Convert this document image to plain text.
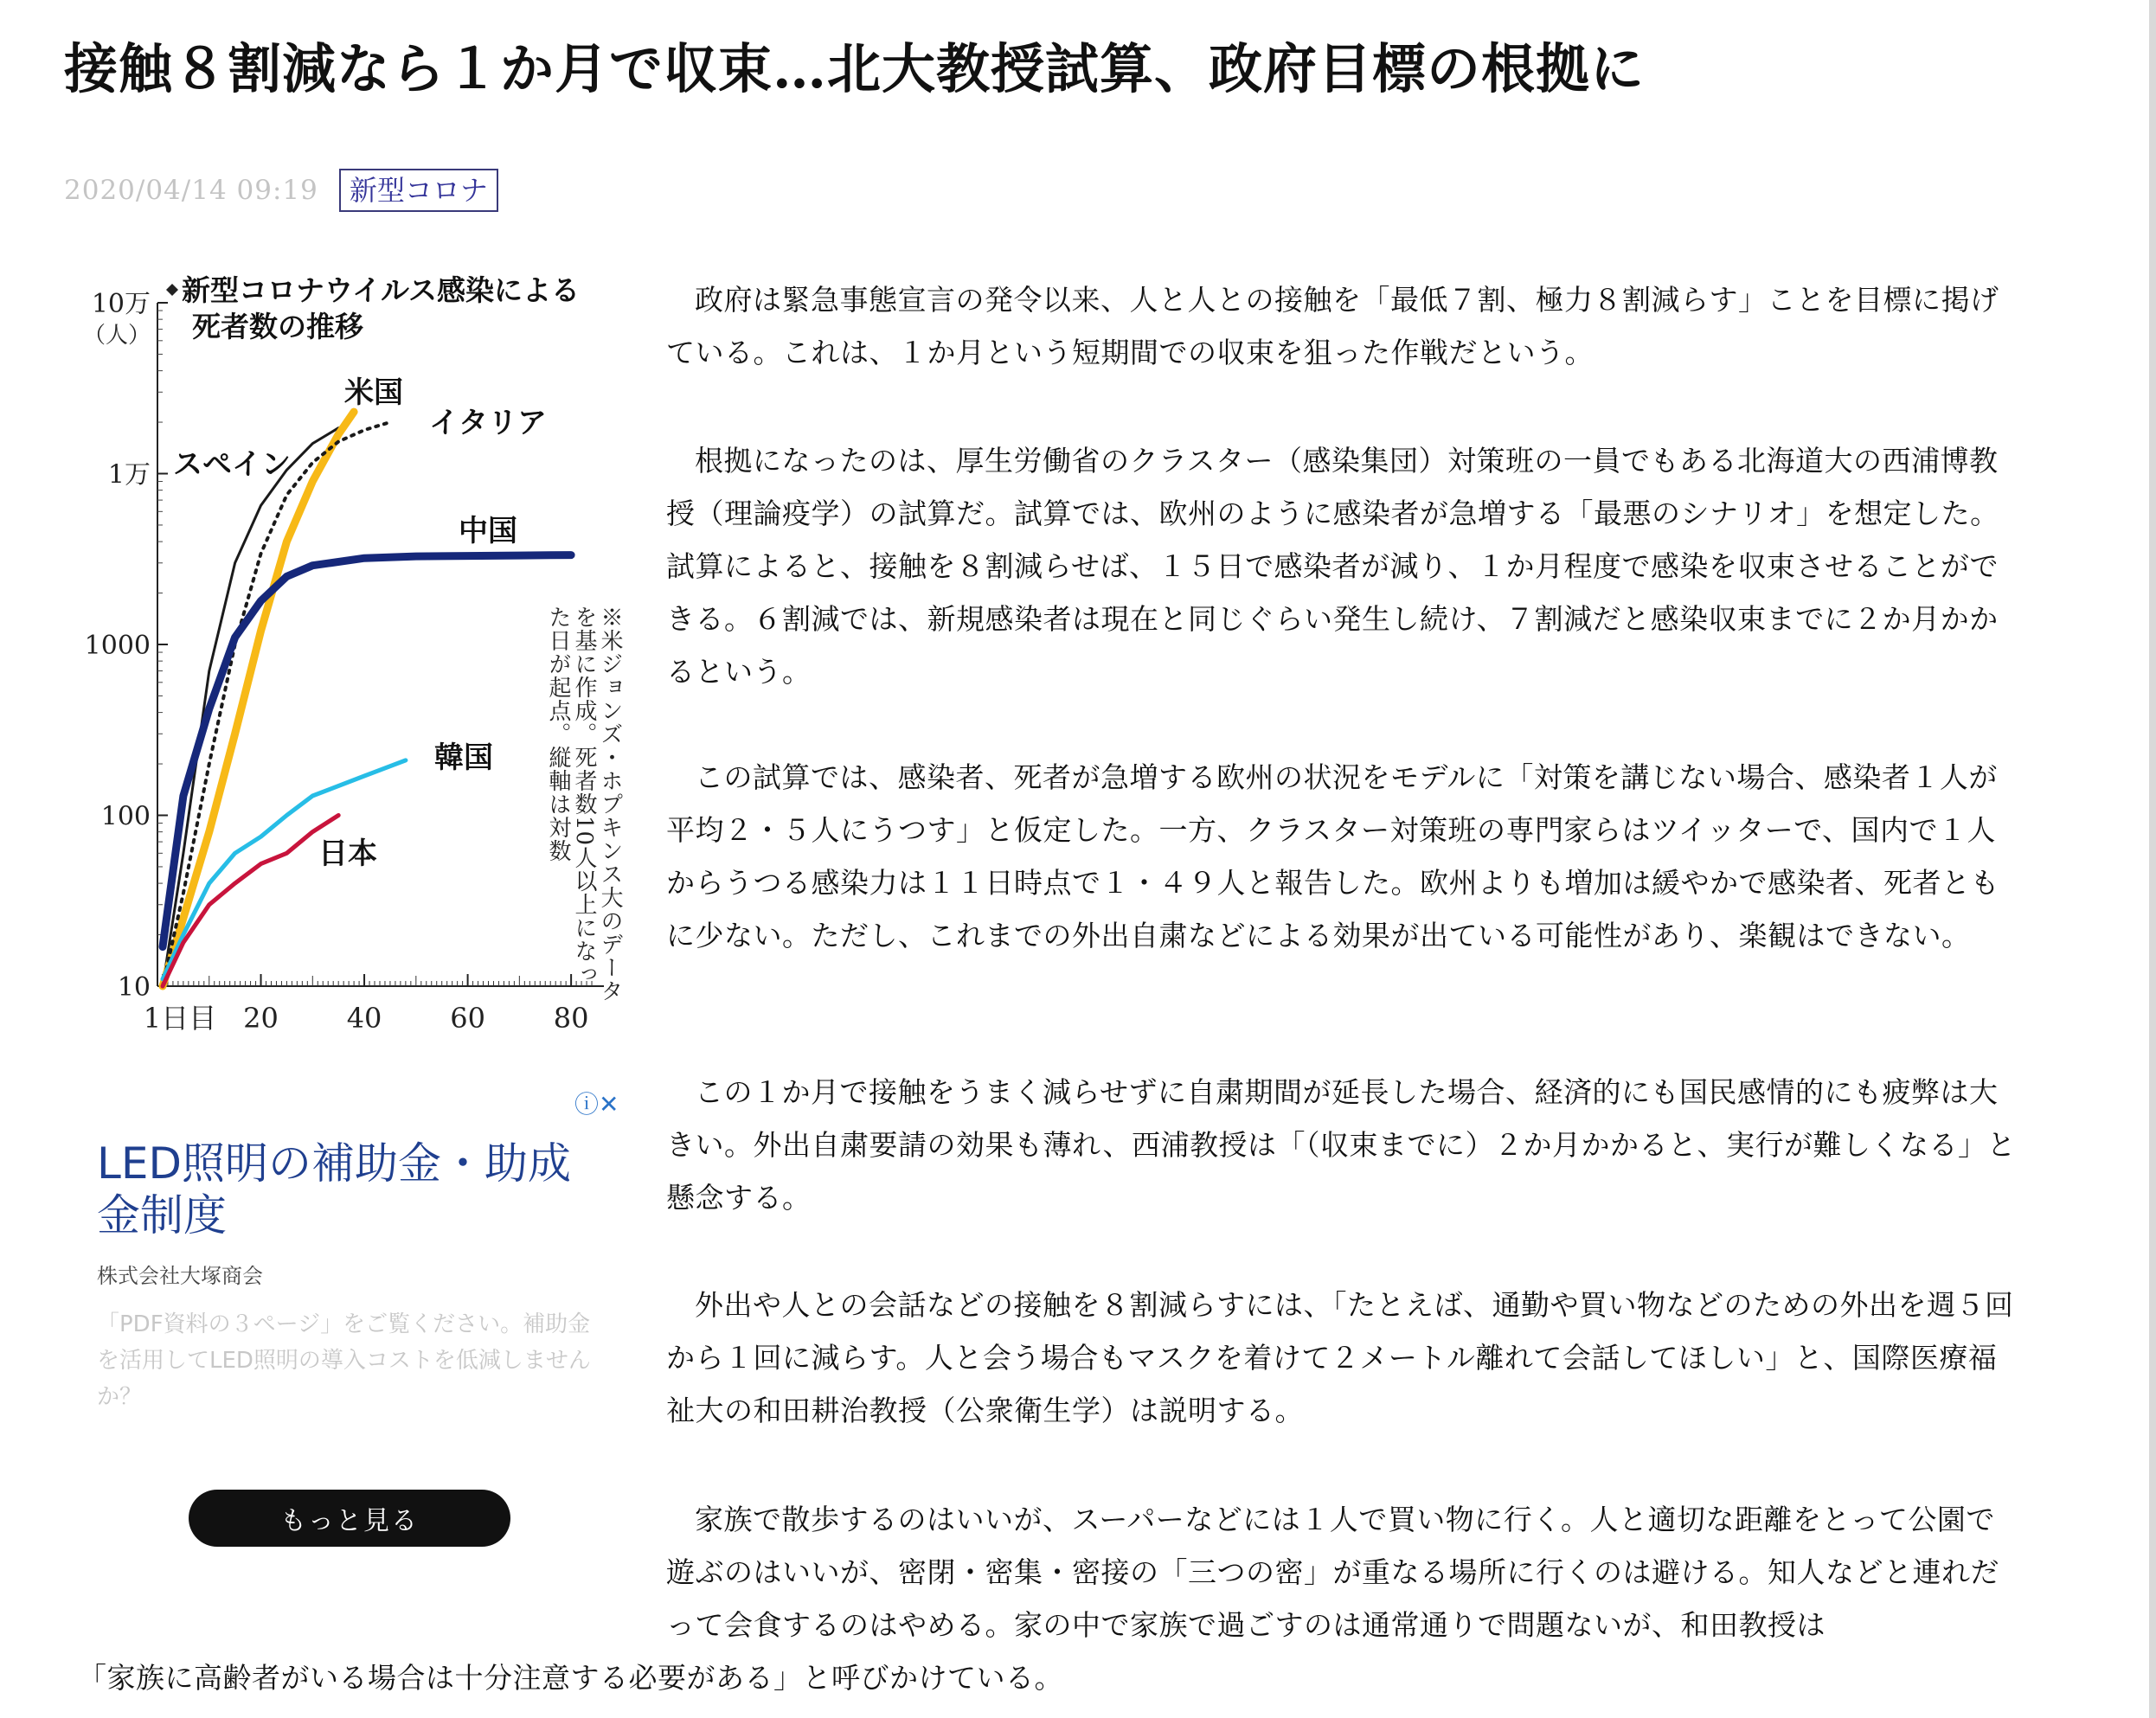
接触８割減なら１か月で収束…北大教授試算、政府目標の根拠に
2020/04/14 09:19	新型コロナ
新型コロナウイルス感染による
死者数の推移
10
100
1000
1万
10万
（人）
1日目 20 40 60 80
スペイン
米国
イタリア
中国
韓国
日本	※米ジョンズ・ホプキンス大のデータ
を基に作成。死者数10人以上になっ
た日が起点。縦軸は対数
ⓘ✕
LED照明の補助金・助成金制度
株式会社大塚商会
「PDF資料の３ページ」をご覧ください。補助金を活用してLED照明の導入コストを低減しませんか？
もっと見る

政府は緊急事態宣言の発令以来、人と人との接触を「最低７割、極力８割減らす」ことを目標に掲げている。これは、１か月という短期間での収束を狙った作戦だという。

根拠になったのは、厚生労働省のクラスター（感染集団）対策班の一員でもある北海道大の西浦博教授（理論疫学）の試算だ。試算では、欧州のように感染者が急増する「最悪のシナリオ」を想定した。試算によると、接触を８割減らせば、１５日で感染者が減り、１か月程度で感染を収束させることができる。６割減では、新規感染者は現在と同じぐらい発生し続け、７割減だと感染収束までに２か月かかるという。

この試算では、感染者、死者が急増する欧州の状況をモデルに「対策を講じない場合、感染者１人が平均２・５人にうつす」と仮定した。一方、クラスター対策班の専門家らはツイッターで、国内で１人からうつる感染力は１１日時点で１・４９人と報告した。欧州よりも増加は緩やかで感染者、死者ともに少ない。ただし、これまでの外出自粛などによる効果が出ている可能性があり、楽観はできない。

この１か月で接触をうまく減らせずに自粛期間が延長した場合、経済的にも国民感情的にも疲弊は大きい。外出自粛要請の効果も薄れ、西浦教授は「（収束までに）２か月かかると、実行が難しくなる」と懸念する。

外出や人との会話などの接触を８割減らすには、「たとえば、通勤や買い物などのための外出を週５回から１回に減らす。人と会う場合もマスクを着けて２メートル離れて会話してほしい」と、国際医療福祉大の和田耕治教授（公衆衛生学）は説明する。

家族で散歩するのはいいが、スーパーなどには１人で買い物に行く。人と適切な距離をとって公園で遊ぶのはいいが、密閉・密集・密接の「三つの密」が重なる場所に行くのは避ける。知人などと連れだって会食するのはやめる。家の中で家族で過ごすのは通常通りで問題ないが、和田教授は

「家族に高齢者がいる場合は十分注意する必要がある」と呼びかけている。
